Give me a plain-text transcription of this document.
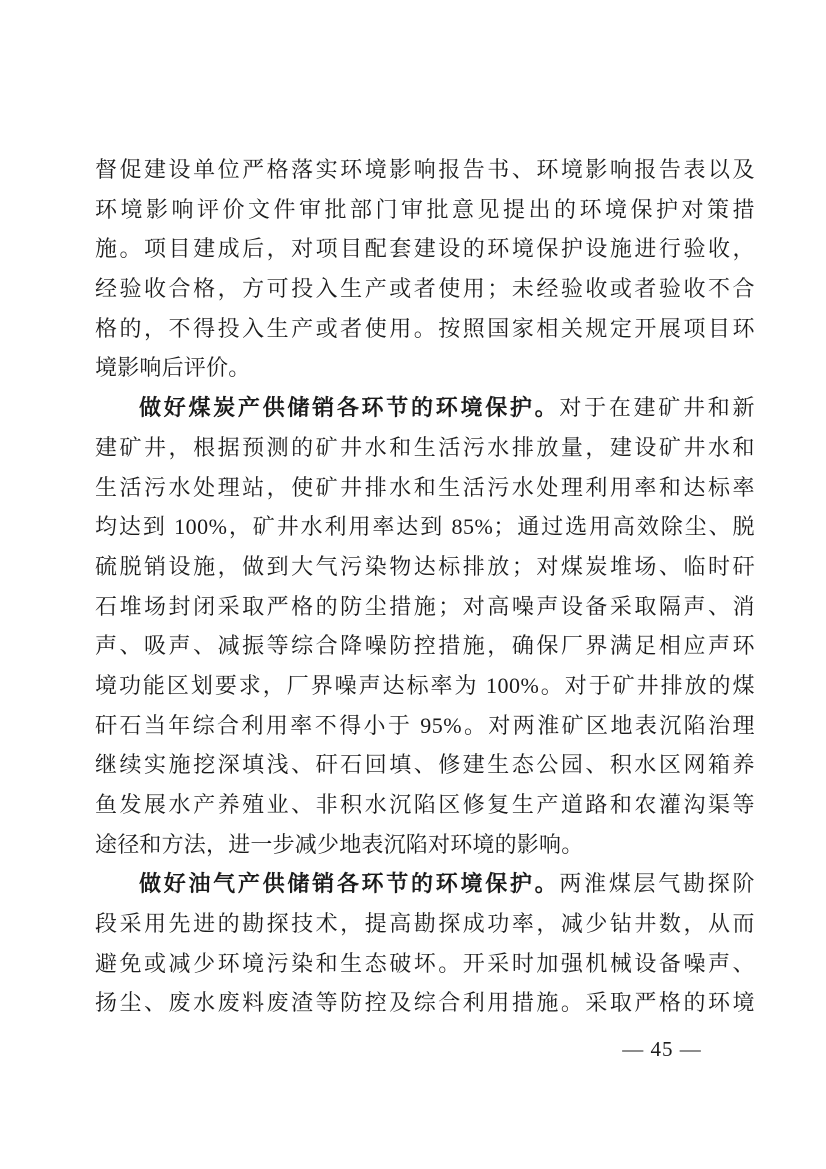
督促建设单位严格落实环境影响报告书、环境影响报告表以及
环境影响评价文件审批部门审批意见提出的环境保护对策措
施。项目建成后，对项目配套建设的环境保护设施进行验收，
经验收合格，方可投入生产或者使用；未经验收或者验收不合
格的，不得投入生产或者使用。按照国家相关规定开展项目环
境影响后评价。
做好煤炭产供储销各环节的环境保护。对于在建矿井和新
建矿井，根据预测的矿井水和生活污水排放量，建设矿井水和
生活污水处理站，使矿井排水和生活污水处理利用率和达标率
均达到 100%，矿井水利用率达到 85%；通过选用高效除尘、脱
硫脱销设施，做到大气污染物达标排放；对煤炭堆场、临时矸
石堆场封闭采取严格的防尘措施；对高噪声设备采取隔声、消
声、吸声、减振等综合降噪防控措施，确保厂界满足相应声环
境功能区划要求，厂界噪声达标率为 100%。对于矿井排放的煤
矸石当年综合利用率不得小于 95%。对两淮矿区地表沉陷治理
继续实施挖深填浅、矸石回填、修建生态公园、积水区网箱养
鱼发展水产养殖业、非积水沉陷区修复生产道路和农灌沟渠等
途径和方法，进一步减少地表沉陷对环境的影响。
做好油气产供储销各环节的环境保护。两淮煤层气勘探阶
段采用先进的勘探技术，提高勘探成功率，减少钻井数，从而
避免或减少环境污染和生态破坏。开采时加强机械设备噪声、
扬尘、废水废料废渣等防控及综合利用措施。采取严格的环境
— 45 —
